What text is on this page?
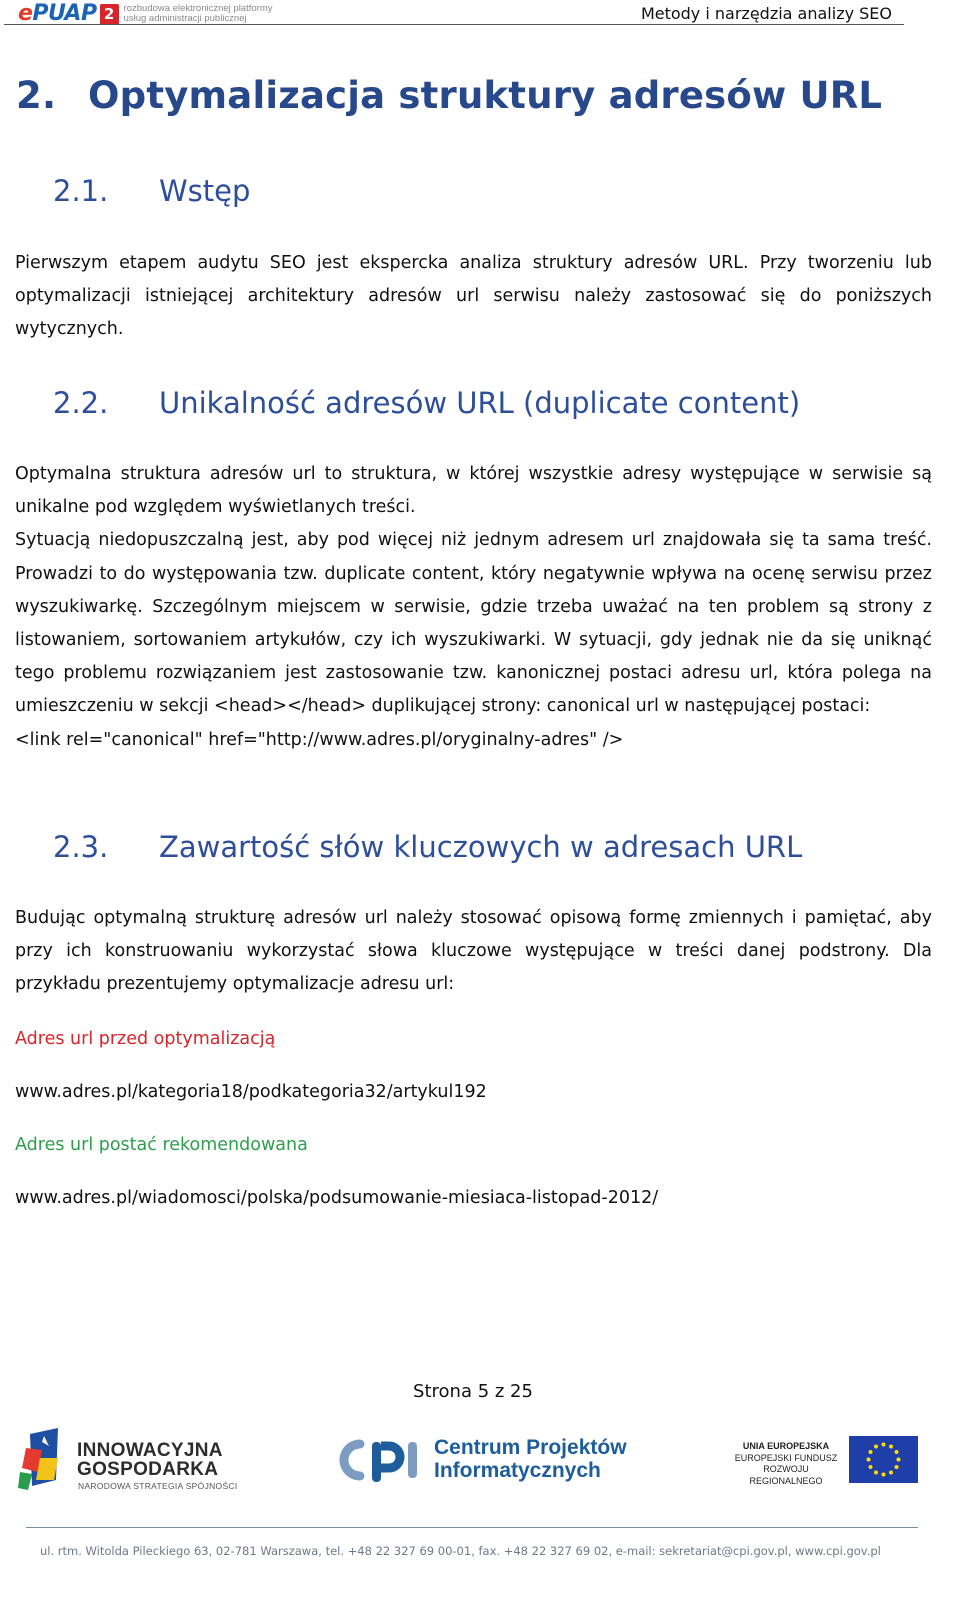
ePUAP 2 rozbudowa elektronicznej platformy
usług administracji publicznej	Metody i narzędzia analizy SEO
2. Optymalizacja struktury adresów URL
2.1. Wstęp

Pierwszym etapem audytu SEO jest ekspercka analiza struktury adresów URL. Przy tworzeniu lub optymalizacji istniejącej architektury adresów url serwisu należy zastosować się do poniższych wytycznych.

2.2. Unikalność adresów URL (duplicate content)

Optymalna struktura adresów url to struktura, w której wszystkie adresy występujące w serwisie są unikalne pod względem wyświetlanych treści.

Sytuacją niedopuszczalną jest, aby pod więcej niż jednym adresem url znajdowała się ta sama treść. Prowadzi to do występowania tzw. duplicate content, który negatywnie wpływa na ocenę serwisu przez wyszukiwarkę. Szczególnym miejscem w serwisie, gdzie trzeba uważać na ten problem są strony z listowaniem, sortowaniem artykułów, czy ich wyszukiwarki. W sytuacji, gdy jednak nie da się uniknąć tego problemu rozwiązaniem jest zastosowanie tzw. kanonicznej postaci adresu url, która polega na umieszczeniu w sekcji <head></head> duplikującej strony: canonical url w następującej postaci:

<link rel="canonical" href="http://www.adres.pl/oryginalny-adres" />

2.3. Zawartość słów kluczowych w adresach URL

Budując optymalną strukturę adresów url należy stosować opisową formę zmiennych i pamiętać, aby przy ich konstruowaniu wykorzystać słowa kluczowe występujące w treści danej podstrony. Dla przykładu prezentujemy optymalizacje adresu url:

Adres url przed optymalizacją
www.adres.pl/kategoria18/podkategoria32/artykul192
Adres url postać rekomendowana
www.adres.pl/wiadomosci/polska/podsumowanie-miesiaca-listopad-2012/
Strona 5 z 25
INNOWACYJNA
GOSPODARKA
NARODOWA STRATEGIA SPÓJNOŚCI
Centrum Projektów
Informatycznych
UNIA EUROPEJSKA
EUROPEJSKI FUNDUSZ
ROZWOJU REGIONALNEGO
ul. rtm. Witolda Pileckiego 63, 02-781 Warszawa, tel. +48 22 327 69 00-01, fax. +48 22 327 69 02, e-mail: sekretariat@cpi.gov.pl, www.cpi.gov.pl
